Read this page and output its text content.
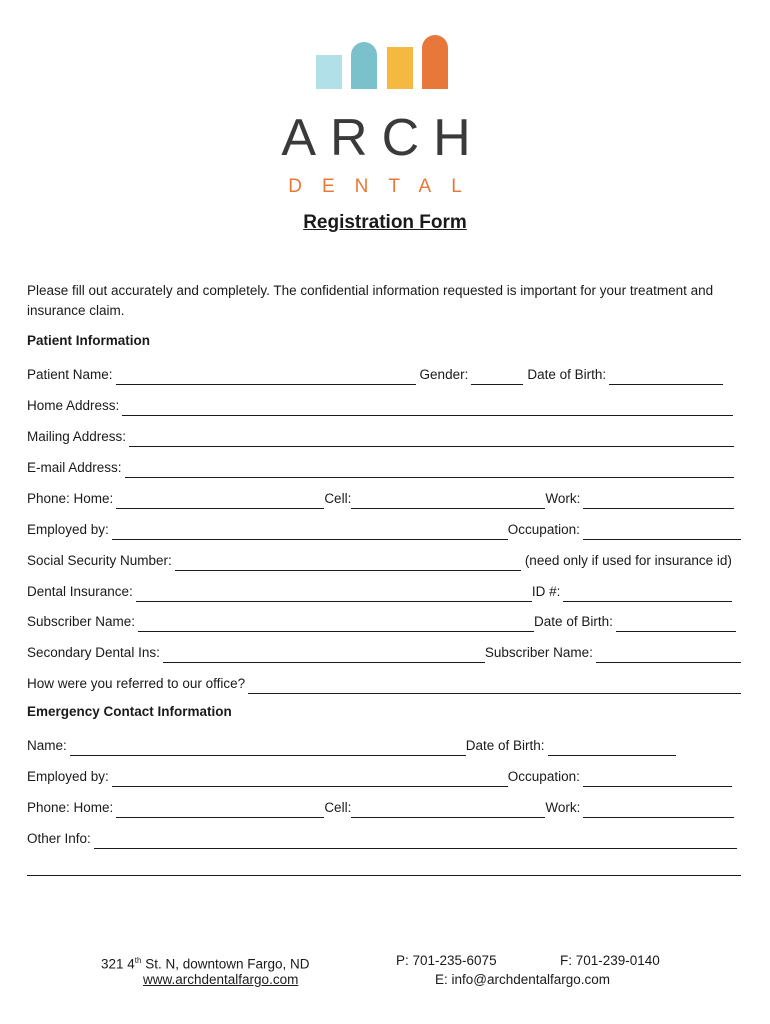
ARCH
DENTAL
Registration Form
Please fill out accurately and completely. The confidential information requested is important for your treatment and insurance claim.
Patient Information
Patient Name:	Gender:	Date of Birth:
Home Address:
Mailing Address:
E-mail Address:
Phone: Home:	Cell:	Work:
Employed by:	Occupation:
Social Security Number:	(need only if used for insurance id)
Dental Insurance:	ID #:
Subscriber Name:	Date of Birth:
Secondary Dental Ins:	Subscriber Name:
How were you referred to our office?
Emergency Contact Information
Name:	Date of Birth:
Employed by:	Occupation:
Phone: Home:	Cell:	Work:
Other Info:
321 4th St. N, downtown Fargo, ND
www.archdentalfargo.com
P: 701-235-6075	F: 701-239-0140
E: info@archdentalfargo.com
